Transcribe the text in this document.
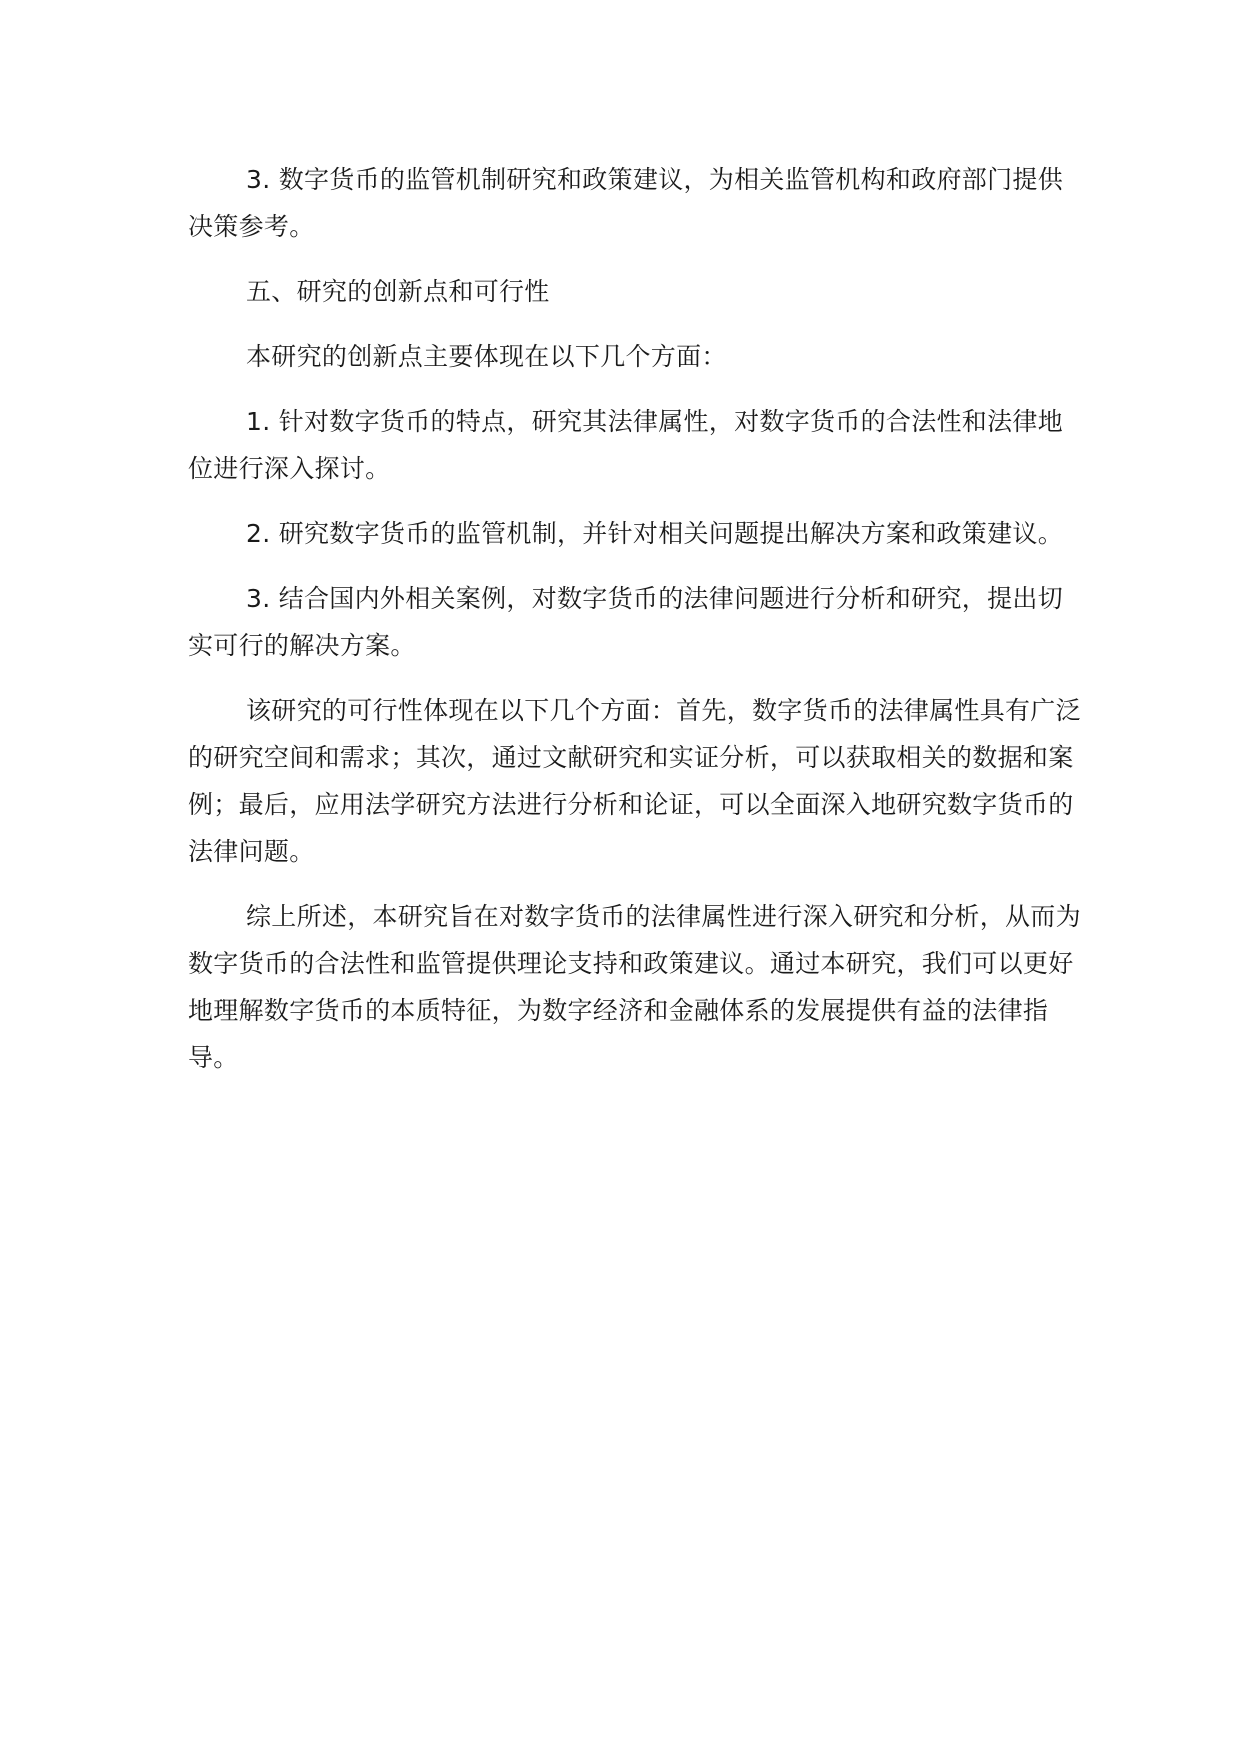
3. 数字货币的监管机制研究和政策建议，为相关监管机构和政府部门提供决策参考。

五、研究的创新点和可行性

本研究的创新点主要体现在以下几个方面：

1. 针对数字货币的特点，研究其法律属性，对数字货币的合法性和法律地位进行深入探讨。

2. 研究数字货币的监管机制，并针对相关问题提出解决方案和政策建议。

3. 结合国内外相关案例，对数字货币的法律问题进行分析和研究，提出切实可行的解决方案。

该研究的可行性体现在以下几个方面：首先，数字货币的法律属性具有广泛的研究空间和需求；其次，通过文献研究和实证分析，可以获取相关的数据和案例；最后，应用法学研究方法进行分析和论证，可以全面深入地研究数字货币的法律问题。

综上所述，本研究旨在对数字货币的法律属性进行深入研究和分析，从而为数字货币的合法性和监管提供理论支持和政策建议。通过本研究，我们可以更好地理解数字货币的本质特征，为数字经济和金融体系的发展提供有益的法律指导。
